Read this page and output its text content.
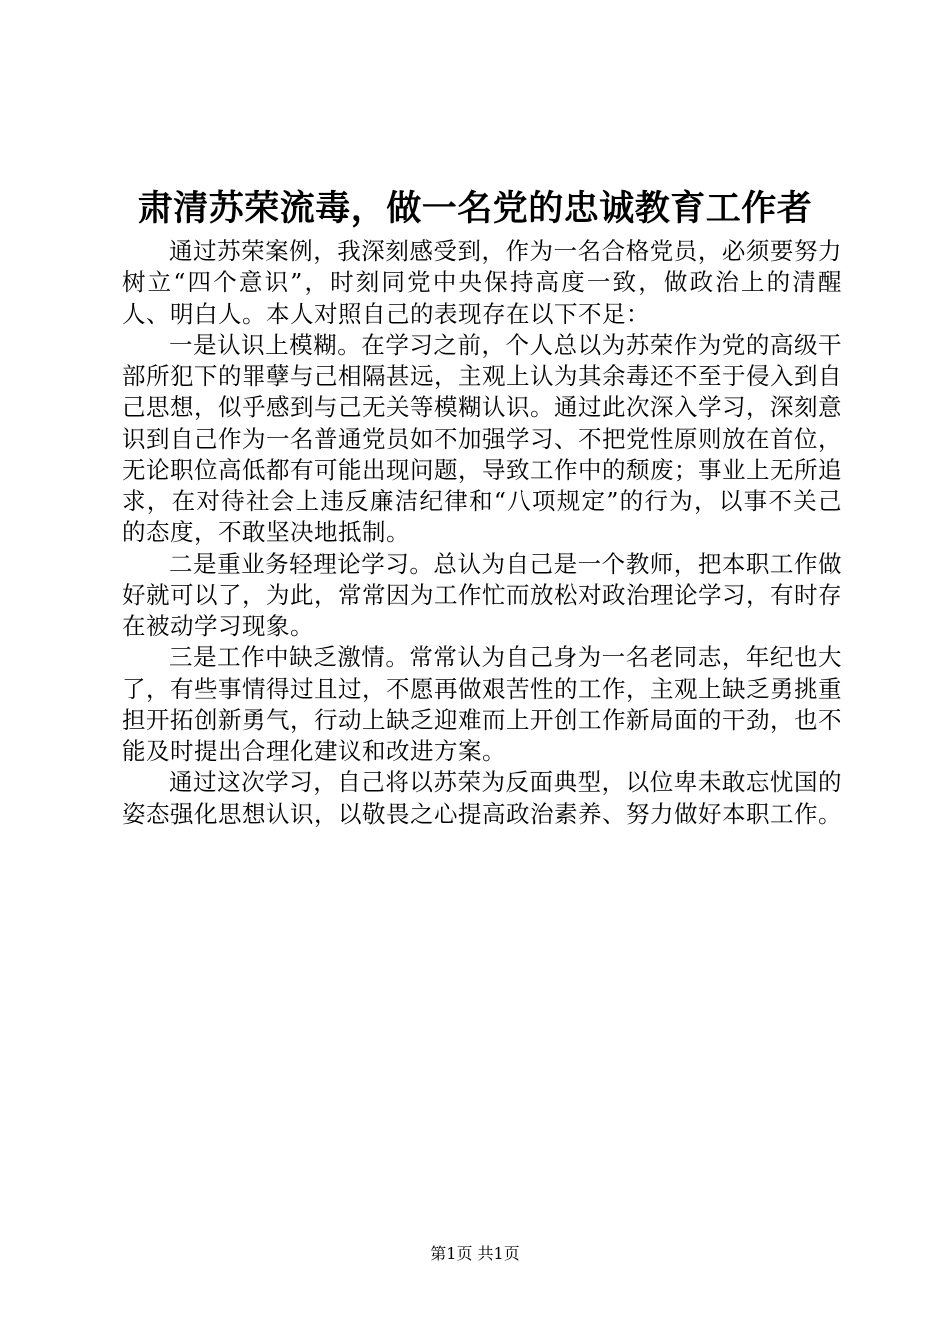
肃清苏荣流毒，做一名党的忠诚教育工作者

通过苏荣案例，我深刻感受到，作为一名合格党员，必须要努力树立“四个意识”，时刻同党中央保持高度一致，做政治上的清醒人、明白人。本人对照自己的表现存在以下不足：

一是认识上模糊。在学习之前，个人总以为苏荣作为党的高级干部所犯下的罪孽与己相隔甚远，主观上认为其余毒还不至于侵入到自己思想，似乎感到与己无关等模糊认识。通过此次深入学习，深刻意识到自己作为一名普通党员如不加强学习、不把党性原则放在首位，无论职位高低都有可能出现问题，导致工作中的颓废；事业上无所追求，在对待社会上违反廉洁纪律和“八项规定”的行为，以事不关己的态度，不敢坚决地抵制。

二是重业务轻理论学习。总认为自己是一个教师，把本职工作做好就可以了，为此，常常因为工作忙而放松对政治理论学习，有时存在被动学习现象。

三是工作中缺乏激情。常常认为自己身为一名老同志，年纪也大了，有些事情得过且过，不愿再做艰苦性的工作，主观上缺乏勇挑重担开拓创新勇气，行动上缺乏迎难而上开创工作新局面的干劲，也不能及时提出合理化建议和改进方案。

通过这次学习，自己将以苏荣为反面典型，以位卑未敢忘忧国的姿态强化思想认识，以敬畏之心提高政治素养、努力做好本职工作。

第1页 共1页
